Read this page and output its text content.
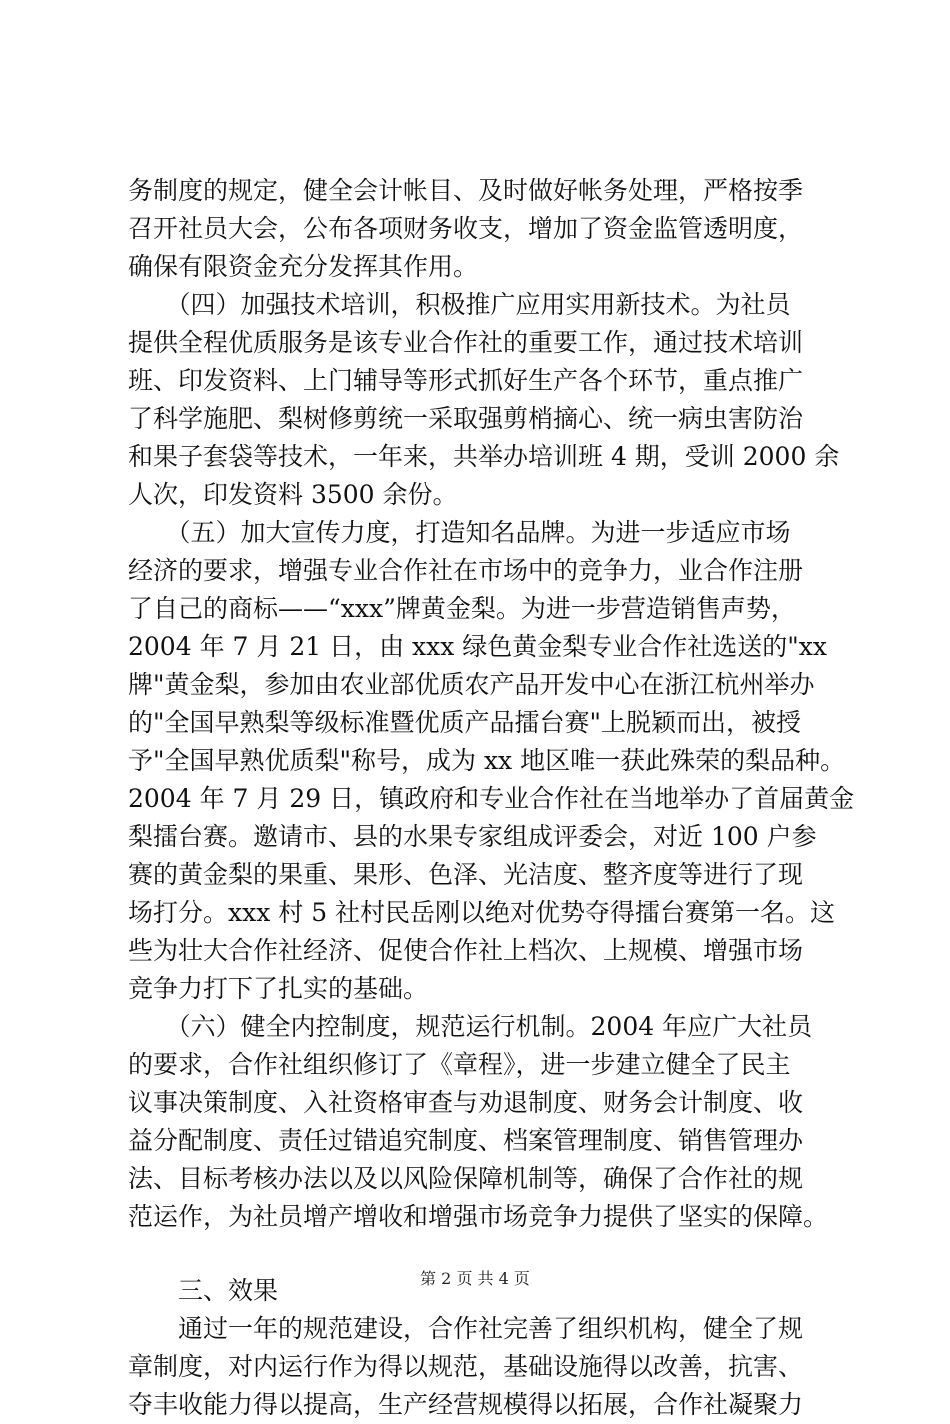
务制度的规定，健全会计帐目、及时做好帐务处理，严格按季
召开社员大会，公布各项财务收支，增加了资金监管透明度，
确保有限资金充分发挥其作用。
　　（四）加强技术培训，积极推广应用实用新技术。为社员
提供全程优质服务是该专业合作社的重要工作，通过技术培训
班、印发资料、上门辅导等形式抓好生产各个环节，重点推广
了科学施肥、梨树修剪统一采取强剪梢摘心、统一病虫害防治
和果子套袋等技术，一年来，共举办培训班 4 期，受训 2000 余
人次，印发资料 3500 余份。
　　（五）加大宣传力度，打造知名品牌。为进一步适应市场
经济的要求，增强专业合作社在市场中的竞争力，业合作注册
了自己的商标——“xxx”牌黄金梨。为进一步营造销售声势，
2004 年 7 月 21 日，由 xxx 绿色黄金梨专业合作社选送的"xx
牌"黄金梨，参加由农业部优质农产品开发中心在浙江杭州举办
的"全国早熟梨等级标准暨优质产品擂台赛"上脱颖而出，被授
予"全国早熟优质梨"称号，成为 xx 地区唯一获此殊荣的梨品种。
2004 年 7 月 29 日，镇政府和专业合作社在当地举办了首届黄金
梨擂台赛。邀请市、县的水果专家组成评委会，对近 100 户参
赛的黄金梨的果重、果形、色泽、光洁度、整齐度等进行了现
场打分。xxx 村 5 社村民岳刚以绝对优势夺得擂台赛第一名。这
些为壮大合作社经济、促使合作社上档次、上规模、增强市场
竞争力打下了扎实的基础。
　　（六）健全内控制度，规范运行机制。2004 年应广大社员
的要求，合作社组织修订了《章程》，进一步建立健全了民主
议事决策制度、入社资格审查与劝退制度、财务会计制度、收
益分配制度、责任过错追究制度、档案管理制度、销售管理办
法、目标考核办法以及以风险保障机制等，确保了合作社的规
范运作，为社员增产增收和增强市场竞争力提供了坚实的保障。
　　三、效果
　　通过一年的规范建设，合作社完善了组织机构，健全了规
章制度，对内运行作为得以规范，基础设施得以改善，抗害、
夺丰收能力得以提高，生产经营规模得以拓展，合作社凝聚力
第 2 页 共 4 页
